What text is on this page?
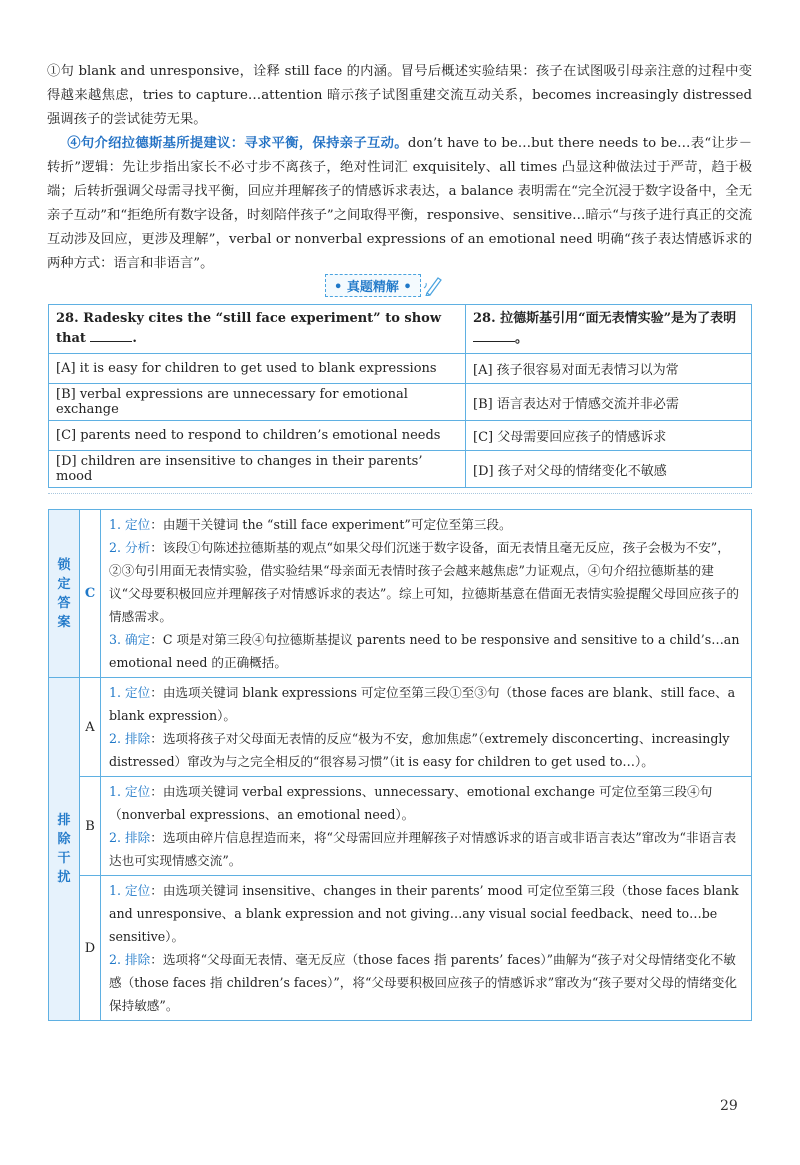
①句 blank and unresponsive，诠释 still face 的内涵。冒号后概述实验结果：孩子在试图吸引母亲注意的过程中变得越来越焦虑，tries to capture…attention 暗示孩子试图重建交流互动关系，becomes increasingly distressed 强调孩子的尝试徒劳无果。

  ④句介绍拉德斯基所提建议：寻求平衡，保持亲子互动。don’t have to be…but there needs to be…表“让步－转折”逻辑：先让步指出家长不必寸步不离孩子，绝对性词汇 exquisitely、all times 凸显这种做法过于严苛，趋于极端；后转折强调父母需寻找平衡，回应并理解孩子的情感诉求表达，a balance 表明需在“完全沉浸于数字设备中，全无亲子互动”和“拒绝所有数字设备，时刻陪伴孩子”之间取得平衡，responsive、sensitive…暗示“与孩子进行真正的交流互动涉及回应，更涉及理解”，verbal or nonverbal expressions of an emotional need 明确“孩子表达情感诉求的两种方式：语言和非语言”。

• 真题精解 •
28. Radesky cites the “still face experiment” to show that .	28. 拉德斯基引用“面无表情实验”是为了表明。
[A] it is easy for children to get used to blank expressions	[A] 孩子很容易对面无表情习以为常
[B] verbal expressions are unnecessary for emotional exchange	[B] 语言表达对于情感交流并非必需
[C] parents need to respond to children’s emotional needs	[C] 父母需要回应孩子的情感诉求
[D] children are insensitive to changes in their parents’ mood	[D] 孩子对父母的情绪变化不敏感
锁定答案	C	1. 定位：由题干关键词 the “still face experiment”可定位至第三段。

2. 分析：该段①句陈述拉德斯基的观点“如果父母们沉迷于数字设备，面无表情且毫无反应，孩子会极为不安”，②③句引用面无表情实验，借实验结果“母亲面无表情时孩子会越来越焦虑”力证观点，④句介绍拉德斯基的建议“父母要积极回应并理解孩子对情感诉求的表达”。综上可知，拉德斯基意在借面无表情实验提醒父母回应孩子的情感需求。

3. 确定：C 项是对第三段④句拉德斯基提议 parents need to be responsive and sensitive to a child’s…an emotional need 的正确概括。

排除干扰	A	1. 定位：由选项关键词 blank expressions 可定位至第三段①至③句（those faces are blank、still face、a blank expression）。

2. 排除：选项将孩子对父母面无表情的反应“极为不安，愈加焦虑”（extremely disconcerting、increasingly distressed）窜改为与之完全相反的“很容易习惯”（it is easy for children to get used to…）。

	B	1. 定位：由选项关键词 verbal expressions、unnecessary、emotional exchange 可定位至第三段④句（nonverbal expressions、an emotional need）。

2. 排除：选项由碎片信息捏造而来，将“父母需回应并理解孩子对情感诉求的语言或非语言表达”窜改为“非语言表达也可实现情感交流”。

	D	1. 定位：由选项关键词 insensitive、changes in their parents’ mood 可定位至第三段（those faces blank and unresponsive、a blank expression and not giving…any visual social feedback、need to…be sensitive）。

2. 排除：选项将“父母面无表情、毫无反应（those faces 指 parents’ faces）”曲解为“孩子对父母情绪变化不敏感（those faces 指 children’s faces）”，将“父母要积极回应孩子的情感诉求”窜改为“孩子要对父母的情绪变化保持敏感”。

29
